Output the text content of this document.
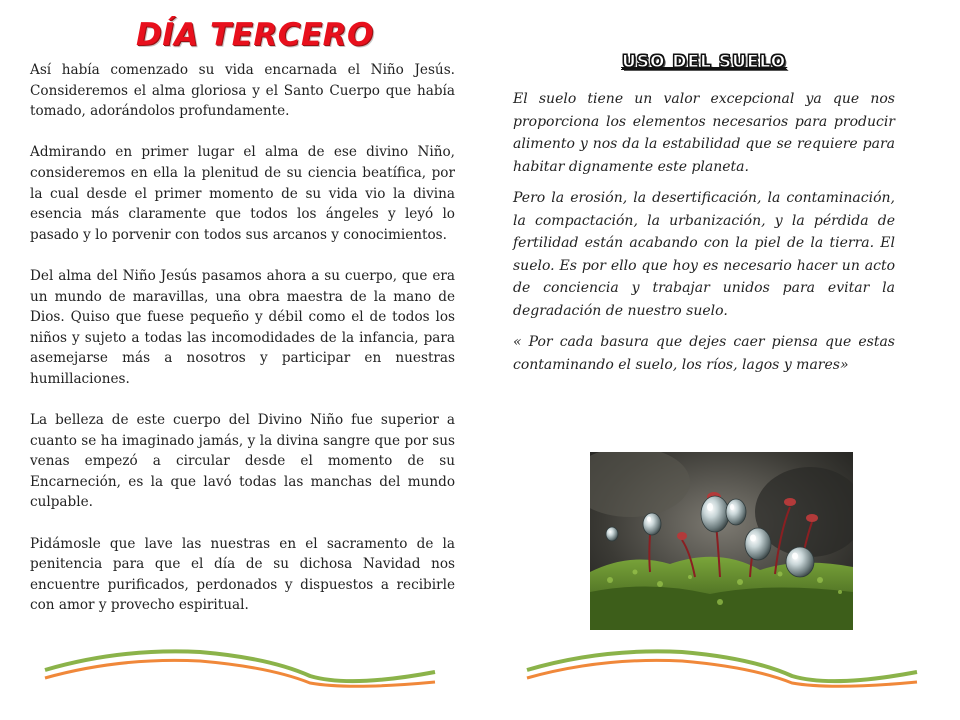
DÍA TERCERO

Así había comenzado su vida encarnada el Niño Jesús. Consideremos el alma gloriosa y el Santo Cuerpo que había tomado, adorándolos profundamente.

Admirando en primer lugar el alma de ese divino Niño, consideremos en ella la plenitud de su ciencia beatífica, por la cual desde el primer momento de su vida vio la divina esencia más claramente que todos los ángeles y leyó lo pasado y lo porvenir con todos sus arcanos y conocimientos.

Del alma del Niño Jesús pasamos ahora a su cuerpo, que era un mundo de maravillas, una obra maestra de la mano de Dios. Quiso que fuese pequeño y débil como el de todos los niños y sujeto a todas las incomodidades de la infancia, para asemejarse más a nosotros y participar en nuestras humillaciones.

La belleza de este cuerpo del Divino Niño fue superior a cuanto se ha imaginado jamás, y la divina sangre que por sus venas empezó a circular desde el momento de su Encarneción, es la que lavó todas las manchas del mundo culpable.

Pidámosle que lave las nuestras en el sacramento de la penitencia para que el día de su dichosa Navidad nos encuentre purificados, perdonados y dispuestos a recibirle con amor y provecho espiritual.

USO DEL SUELO

El suelo tiene un valor excepcional ya que nos proporciona los elementos necesarios para producir alimento y nos da la estabilidad que se requiere para habitar dignamente este planeta.

Pero la erosión, la desertificación, la contaminación, la compactación, la urbanización, y la pérdida de fertilidad están acabando con la piel de la tierra. El suelo. Es por ello que hoy es necesario hacer un acto de conciencia y trabajar unidos para evitar la degradación de nuestro suelo.

« Por cada basura que dejes caer piensa que estas contaminando el suelo, los ríos, lagos y mares»
